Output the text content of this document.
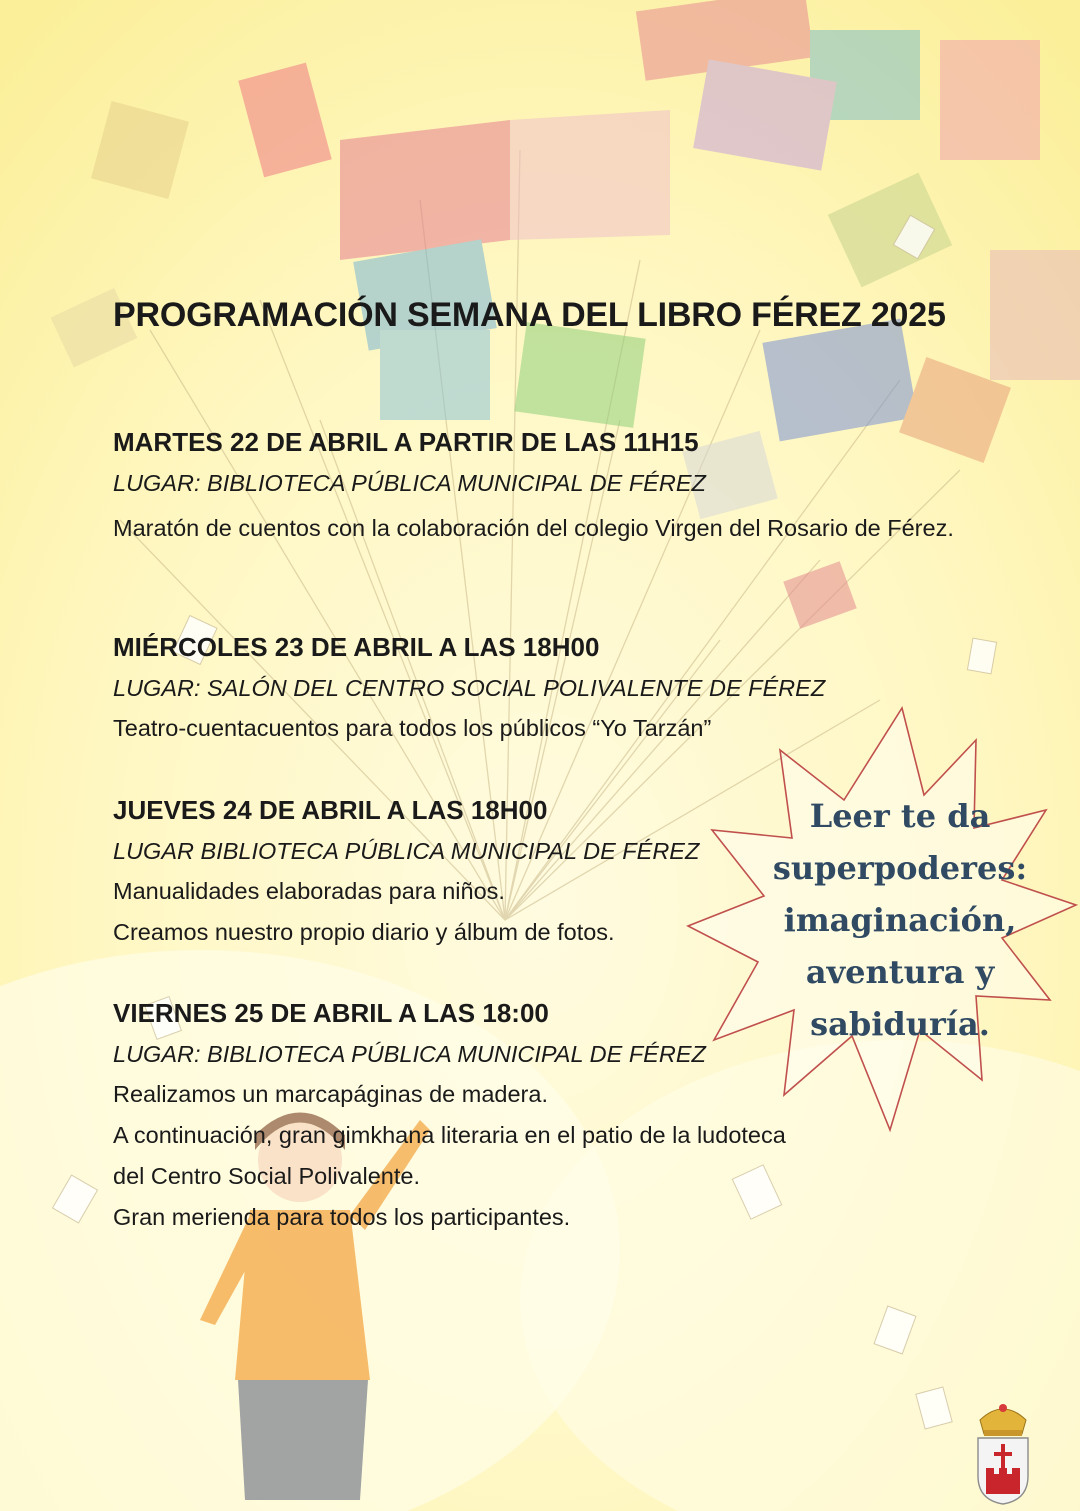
PROGRAMACIÓN SEMANA DEL LIBRO FÉREZ 2025
MARTES 22 DE ABRIL A PARTIR DE LAS 11H15
LUGAR: BIBLIOTECA PÚBLICA MUNICIPAL DE FÉREZ
Maratón de cuentos con la colaboración del colegio Virgen del Rosario de Férez.
MIÉRCOLES 23 DE ABRIL A LAS 18H00
LUGAR: SALÓN DEL CENTRO SOCIAL POLIVALENTE DE FÉREZ
Teatro-cuentacuentos para todos los públicos “Yo Tarzán”
JUEVES 24 DE ABRIL A LAS 18H00
LUGAR BIBLIOTECA PÚBLICA MUNICIPAL DE FÉREZ
Manualidades elaboradas para niños.
Creamos nuestro propio diario y álbum de fotos.
VIERNES 25 DE ABRIL A LAS 18:00
LUGAR: BIBLIOTECA PÚBLICA MUNICIPAL DE FÉREZ
Realizamos un marcapáginas de madera.
A continuación, gran gimkhana literaria en el patio de la ludoteca
del Centro Social Polivalente.
Gran merienda para todos los participantes.
Leer te da
superpoderes:
imaginación,
aventura y
sabiduría.
